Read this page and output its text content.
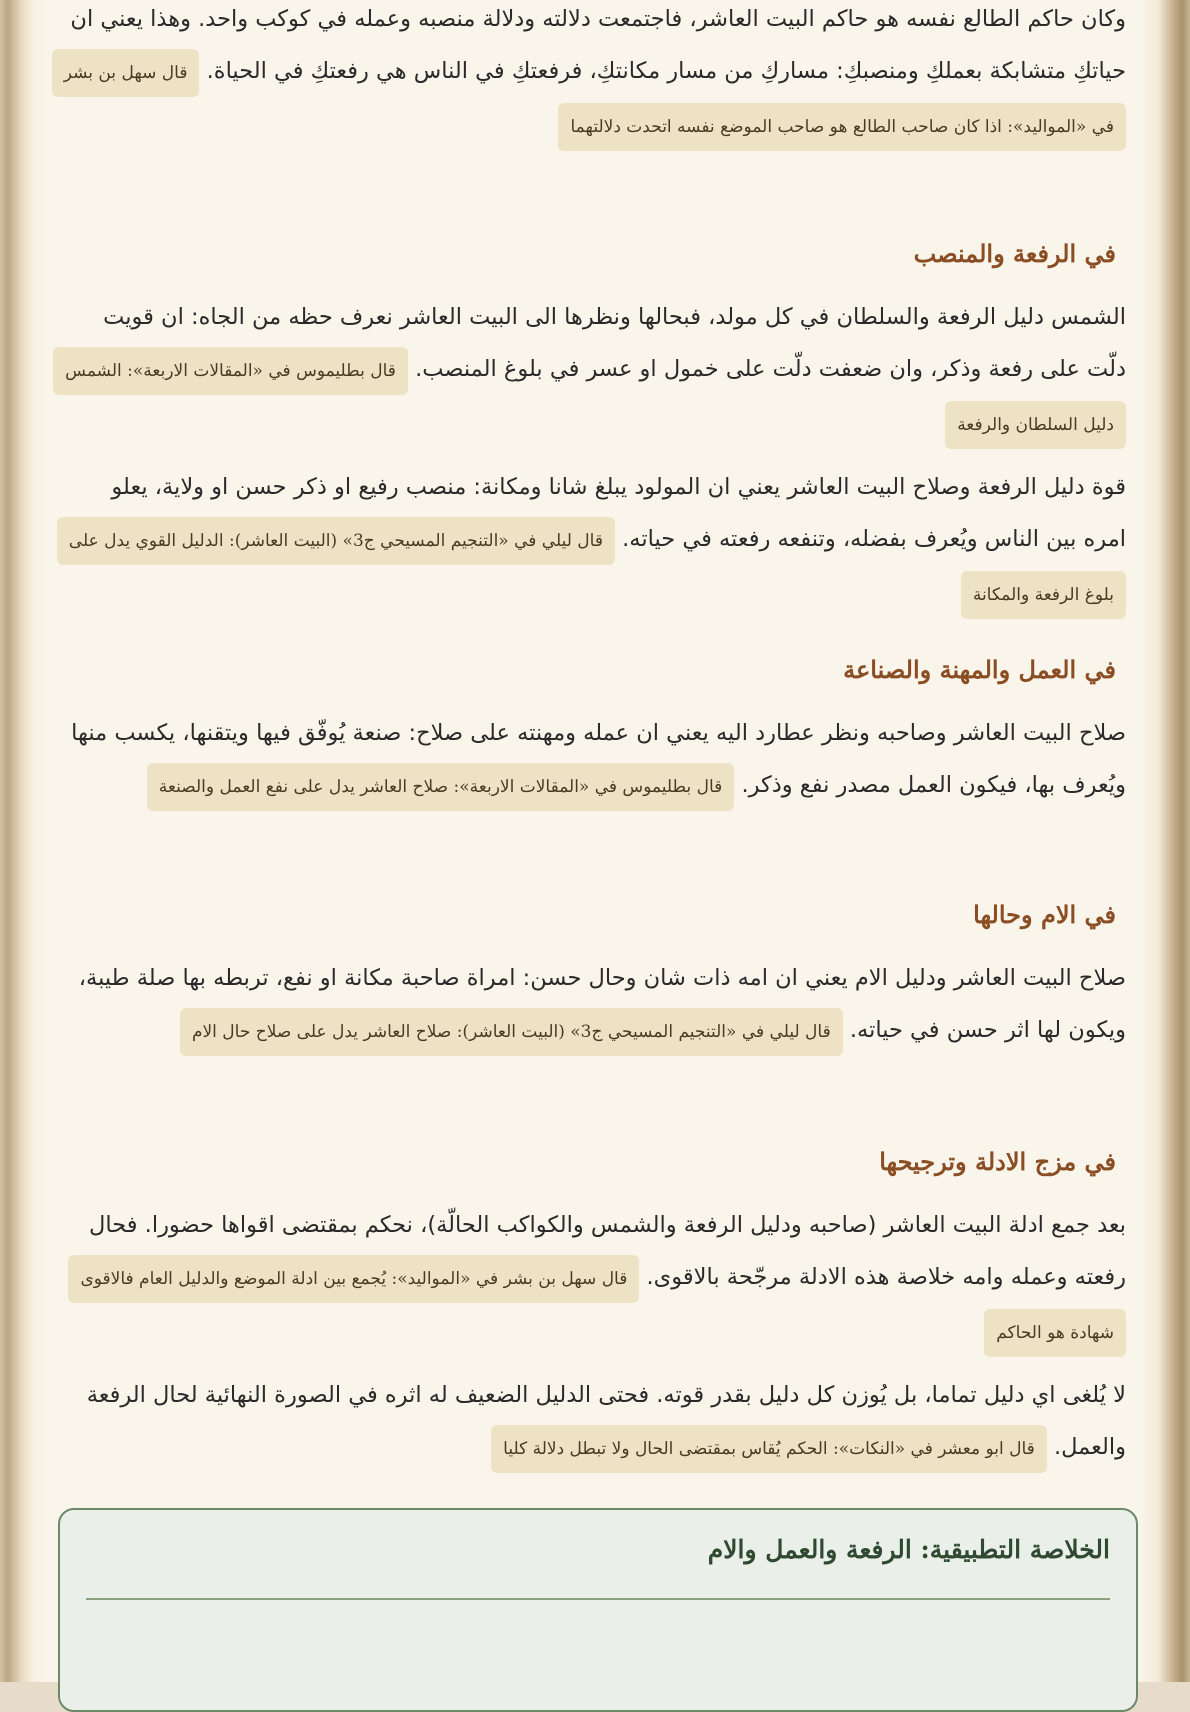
وكان حاكم الطالع نفسه هو حاكم البيت العاشر، فاجتمعت دلالته ودلالة منصبه وعمله في كوكب واحد. وهذا يعني ان حياتكِ متشابكة بعملكِ ومنصبكِ: مساركِ من مسار مكانتكِ، فرفعتكِ في الناس هي رفعتكِ في الحياة. قال سهل بن بشر في «المواليد»: اذا كان صاحب الطالع هو صاحب الموضع نفسه اتحدت دلالتهما

في الرفعة والمنصب

الشمس دليل الرفعة والسلطان في كل مولد، فبحالها ونظرها الى البيت العاشر نعرف حظه من الجاه: ان قويت دلّت على رفعة وذكر، وان ضعفت دلّت على خمول او عسر في بلوغ المنصب. قال بطليموس في «المقالات الاربعة»: الشمس دليل السلطان والرفعة

قوة دليل الرفعة وصلاح البيت العاشر يعني ان المولود يبلغ شانا ومكانة: منصب رفيع او ذكر حسن او ولاية، يعلو امره بين الناس ويُعرف بفضله، وتنفعه رفعته في حياته. قال ليلي في «التنجيم المسيحي ج3» (البيت العاشر): الدليل القوي يدل على بلوغ الرفعة والمكانة

في العمل والمهنة والصناعة

صلاح البيت العاشر وصاحبه ونظر عطارد اليه يعني ان عمله ومهنته على صلاح: صنعة يُوفّق فيها ويتقنها، يكسب منها ويُعرف بها، فيكون العمل مصدر نفع وذكر. قال بطليموس في «المقالات الاربعة»: صلاح العاشر يدل على نفع العمل والصنعة

في الام وحالها

صلاح البيت العاشر ودليل الام يعني ان امه ذات شان وحال حسن: امراة صاحبة مكانة او نفع، تربطه بها صلة طيبة، ويكون لها اثر حسن في حياته. قال ليلي في «التنجيم المسيحي ج3» (البيت العاشر): صلاح العاشر يدل على صلاح حال الام

في مزج الادلة وترجيحها

بعد جمع ادلة البيت العاشر (صاحبه ودليل الرفعة والشمس والكواكب الحالّة)، نحكم بمقتضى اقواها حضورا. فحال رفعته وعمله وامه خلاصة هذه الادلة مرجّحة بالاقوى. قال سهل بن بشر في «المواليد»: يُجمع بين ادلة الموضع والدليل العام فالاقوى شهادة هو الحاكم

لا يُلغى اي دليل تماما، بل يُوزن كل دليل بقدر قوته. فحتى الدليل الضعيف له اثره في الصورة النهائية لحال الرفعة والعمل. قال ابو معشر في «النكات»: الحكم يُقاس بمقتضى الحال ولا تبطل دلالة كليا

الخلاصة التطبيقية: الرفعة والعمل والام
